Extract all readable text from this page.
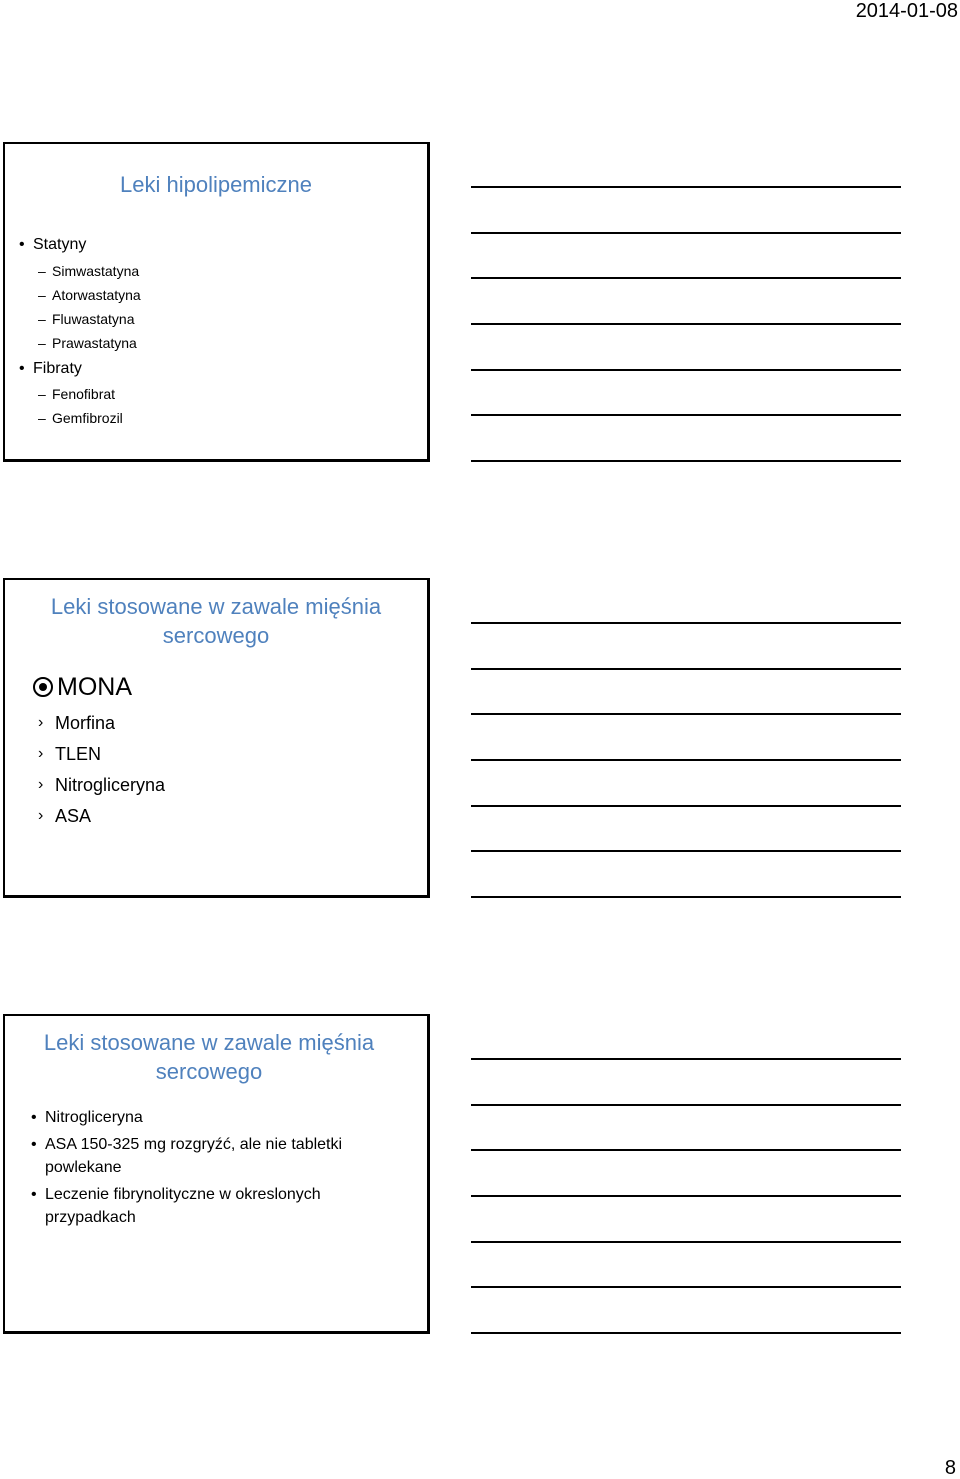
2014-01-08
Leki hipolipemiczne
• Statyny
– Simwastatyna
– Atorwastatyna
– Fluwastatyna
– Prawastatyna
• Fibraty
– Fenofibrat
– Gemfibrozil
Leki stosowane w zawale mięśnia
sercowego
MONA
› Morfina
› TLEN
› Nitrogliceryna
› ASA
Leki stosowane w zawale mięśnia
sercowego
• Nitrogliceryna
• ASA 150-325 mg rozgryźć, ale nie tabletki powlekane
• Leczenie fibrynolityczne w okreslonych przypadkach
8
